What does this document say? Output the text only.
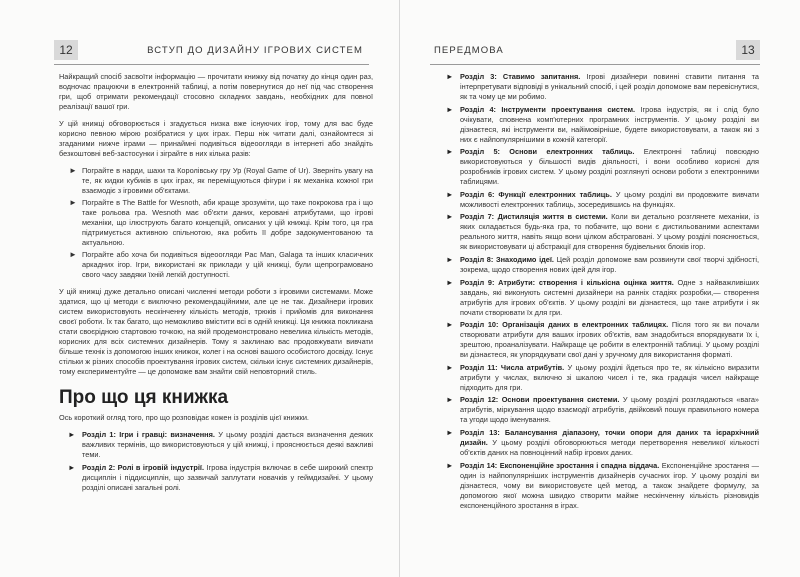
12	ВСТУП ДО ДИЗАЙНУ ІГРОВИХ СИСТЕМ

Найкращий спосіб засвоїти інформацію — прочитати книжку від початку до кінця один раз, водночас працюючи в електронній таблиці, а потім повернутися до неї під час створення гри, щоб отримати рекомендації стосовно складних завдань, необхідних для повної реалізації вашої гри.

У цій книжці обговорюється і згадується низка вже існуючих ігор, тому для вас буде корисно певною мірою розібратися у цих іграх. Перш ніж читати далі, ознайомтеся зі згаданими нижче іграми — принаймні подивіться відеоогляди в інтернеті або знайдіть безкоштовні веб-застосунки і зіграйте в них кілька разів:

► Пограйте в нарди, шахи та Королівську гру Ур (Royal Game of Ur). Зверніть увагу на те, як кидки кубиків в цих іграх, як переміщуються фігури і як механіка кожної гри взаємодіє з ігровими об'єктами.
► Пограйте в The Battle for Wesnoth, аби краще зрозуміти, що таке покрокова гра і що таке рольова гра. Wesnoth має об'єкти даних, керовані атрибутами, що ігрові механіки, що ілюструють багато концепцій, описаних у цій книжці. Крім того, ця гра підтримується активною спільнотою, яка робить її добре задокументованою та актуальною.
► Пограйте або хоча би подивіться відеоогляди Pac Man, Galaga та інших класичних аркадних ігор. Ігри, використані як приклади у цій книжці, були щепрограмовано свого часу завдяки їхній легкій доступності.

У цій книжці дуже детально описані численні методи роботи з ігровими системами. Може здатися, що ці методи є виключно рекомендаційними, але це не так. Дизайнери ігрових систем використовують нескінченну кількість методів, трюків і прийомів для виконання своєї роботи. Їх так багато, що неможливо вмістити всі в одній книжці. Ця книжка покликана стати своєрідною стартовою точкою, на якій продемонстровано невелика кількість методів, корисних для всіх системних дизайнерів. Тому я заклинаю вас продовжувати вивчати більше технік із допомогою інших книжок, колег і на основі вашого особистого досвіду. Існує стільки ж різних способів проектування ігрових систем, скільки існує системних дизайнерів, тому експериментуйте — це допоможе вам знайти свій неповторний стиль.

Про що ця книжка

Ось короткий огляд того, про що розповідає кожен із розділів цієї книжки.

► Розділ 1: Ігри і гравці: визначення. У цьому розділі дається визначення деяких важливих термінів, що використовуються у цій книжці, і прояснюється деякі важливі теми.
► Розділ 2: Ролі в ігровій індустрії. Ігрова індустрія включає в себе широкий спектр дисциплін і піддисциплін, що зазвичай заплутати новачків у геймдизайні. У цьому розділі описані загальні ролі.
ПЕРЕДМОВА	13
► Розділ 3: Ставимо запитання. Ігрові дизайнери повинні ставити питання та інтерпретувати відповіді в унікальний спосіб, і цей розділ допоможе вам перевіснутися, як та чому це ми робимо.
► Розділ 4: Інструменти проектування систем. Ігрова індустрія, як і слід було очікувати, сповнена комп'ютерних програмних інструментів. У цьому розділі ви дізнаєтеся, які інструменти ви, найімовірніше, будете використовувати, а також які з них є найпопулярнішими в кожній категорії.
► Розділ 5: Основи електронних таблиць. Електронні таблиці повсюдно використовуються у більшості видів діяльності, і вони особливо корисні для розробників ігрових систем. У цьому розділі розглянуті основи роботи з електронними таблицями.
► Розділ 6: Функції електронних таблиць. У цьому розділі ви продовжите вивчати можливості електронних таблиць, зосередившись на функціях.
► Розділ 7: Дистиляція життя в системи. Коли ви детально розглянете механіки, із яких складається будь-яка гра, то побачите, що вони є дистильованими аспектами реального життя, навіть якщо вони цілком абстраговані. У цьому розділі пояснюється, як використовувати ці абстракції для створення будівельних блоків ігор.
► Розділ 8: Знаходимо ідеї. Цей розділ допоможе вам розвинути свої творчі здібності, зокрема, щодо створення нових ідей для ігор.
► Розділ 9: Атрибути: створення і кількісна оцінка життя. Одне з найважливіших завдань, які виконують системні дизайнери на ранніх стадіях розробки,— створення атрибутів для ігрових об'єктів. У цьому розділі ви дізнаєтеся, що таке атрибути і як почати створювати їх для гри.
► Розділ 10: Організація даних в електронних таблицях. Після того як ви почали створювати атрибути для ваших ігрових об'єктів, вам знадобиться впорядкувати їх і, зрештою, проаналізувати. Найкраще це робити в електронній таблиці. У цьому розділі ви дізнаєтеся, як упорядкувати свої дані у зручному для використання форматі.
► Розділ 11: Числа атрибутів. У цьому розділі йдеться про те, як кількісно виразити атрибути у числах, включно зі шкалою чисел і те, яка градація чисел найкраще підходить для гри.
► Розділ 12: Основи проектування системи. У цьому розділі розглядаються «вага» атрибутів, міркування щодо взаємодії атрибутів, двійковий пошук правильного номера та угоди щодо іменування.
► Розділ 13: Балансування діапазону, точки опори для даних та ієрархічний дизайн. У цьому розділі обговорюються методи перетворення невеликої кількості об'єктів даних на повноцінний набір ігрових даних.
► Розділ 14: Експоненційне зростання і спадна віддача. Експоненційне зростання — один із найпопулярніших інструментів дизайнерів сучасних ігор. У цьому розділі ви дізнаєтеся, чому ви використовуєте цей метод, а також знайдете формулу, за допомогою якої можна швидко створити майже нескінченну кількість різновидів експоненційного зростання в іграх.
